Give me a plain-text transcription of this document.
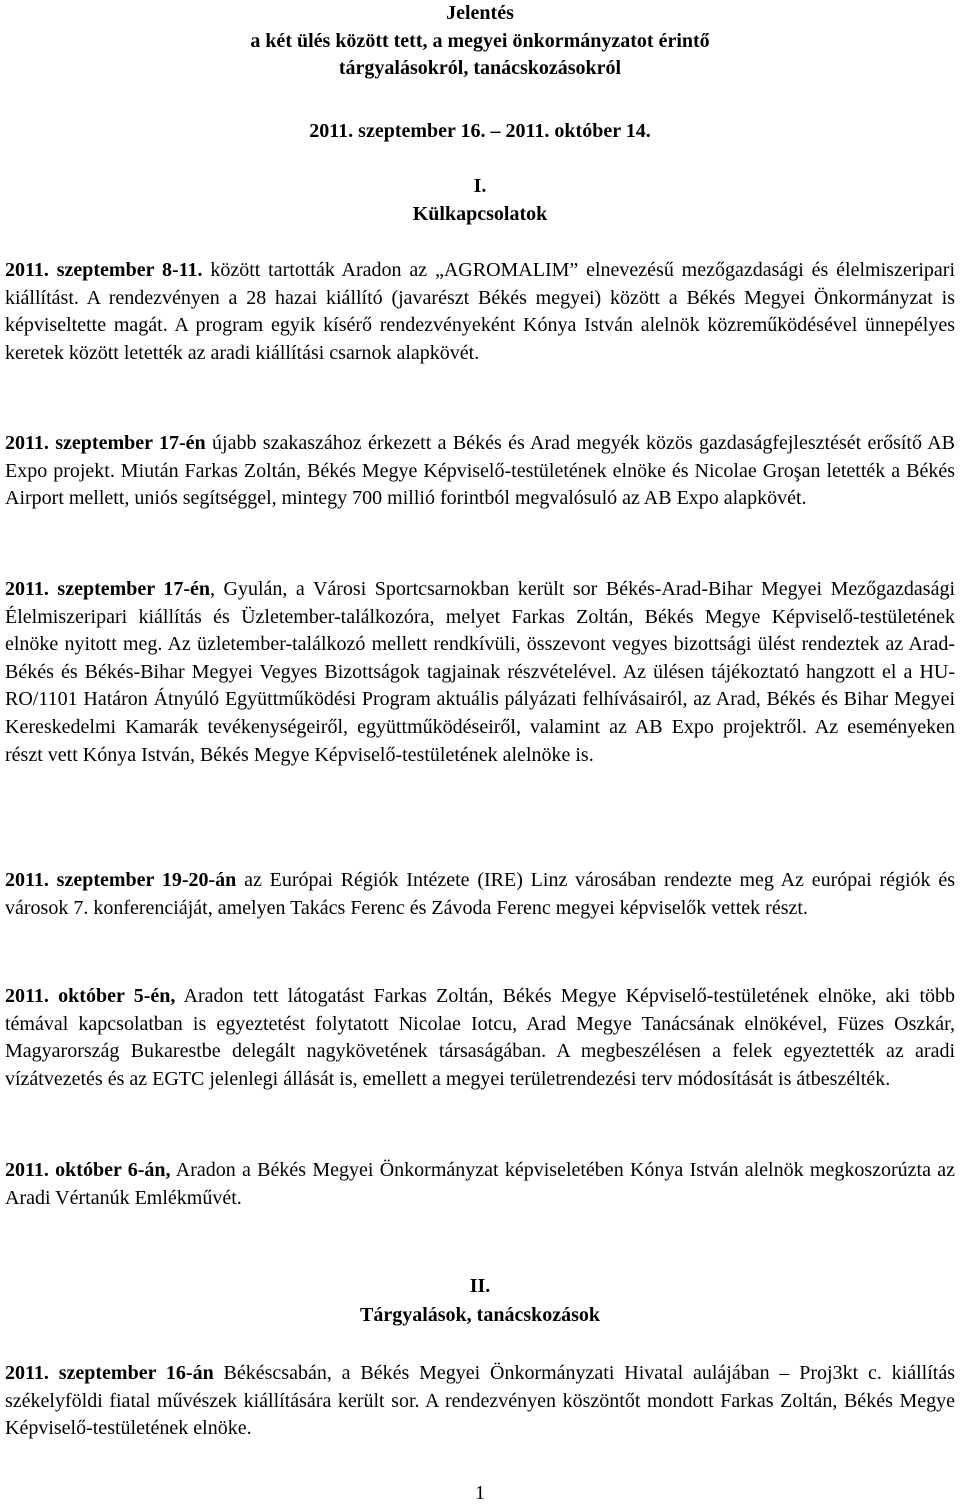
Jelentés
a két ülés között tett, a megyei önkormányzatot érintő
tárgyalásokról, tanácskozásokról
2011. szeptember 16. – 2011. október 14.
I.
Külkapcsolatok
2011. szeptember 8-11. között tartották Aradon az „AGROMALIM” elnevezésű mezőgazdasági és élelmiszeripari kiállítást. A rendezvényen a 28 hazai kiállító (javarészt Békés megyei) között a Békés Megyei Önkormányzat is képviseltette magát. A program egyik kísérő rendezvényeként Kónya István alelnök közreműködésével ünnepélyes keretek között letették az aradi kiállítási csarnok alapkövét.
2011. szeptember 17-én újabb szakaszához érkezett a Békés és Arad megyék közös gazdaságfejlesztését erősítő AB Expo projekt. Miután Farkas Zoltán, Békés Megye Képviselő-testületének elnöke és Nicolae Groşan letették a Békés Airport mellett, uniós segítséggel, mintegy 700 millió forintból megvalósuló az AB Expo alapkövét.
2011. szeptember 17-én, Gyulán, a Városi Sportcsarnokban került sor Békés-Arad-Bihar Megyei Mezőgazdasági Élelmiszeripari kiállítás és Üzletember-találkozóra, melyet Farkas Zoltán, Békés Megye Képviselő-testületének elnöke nyitott meg. Az üzletember-találkozó mellett rendkívüli, összevont vegyes bizottsági ülést rendeztek az Arad-Békés és Békés-Bihar Megyei Vegyes Bizottságok tagjainak részvételével. Az ülésen tájékoztató hangzott el a HU-RO/1101 Határon Átnyúló Együttműködési Program aktuális pályázati felhívásairól, az Arad, Békés és Bihar Megyei Kereskedelmi Kamarák tevékenységeiről, együttműködéseiről, valamint az AB Expo projektről. Az eseményeken részt vett Kónya István, Békés Megye Képviselő-testületének alelnöke is.
2011. szeptember 19-20-án az Európai Régiók Intézete (IRE) Linz városában rendezte meg Az európai régiók és városok 7. konferenciáját, amelyen Takács Ferenc és Závoda Ferenc megyei képviselők vettek részt.
2011. október 5-én, Aradon tett látogatást Farkas Zoltán, Békés Megye Képviselő-testületének elnöke, aki több témával kapcsolatban is egyeztetést folytatott Nicolae Iotcu, Arad Megye Tanácsának elnökével, Füzes Oszkár, Magyarország Bukarestbe delegált nagykövetének társaságában. A megbeszélésen a felek egyeztették az aradi vízátvezetés és az EGTC jelenlegi állását is, emellett a megyei területrendezési terv módosítását is átbeszélték.
2011. október 6-án, Aradon a Békés Megyei Önkormányzat képviseletében Kónya István alelnök megkoszorúzta az Aradi Vértanúk Emlékművét.
II.
Tárgyalások, tanácskozások
2011. szeptember 16-án Békéscsabán, a Békés Megyei Önkormányzati Hivatal aulájában – Proj3kt c. kiállítás székelyföldi fiatal művészek kiállítására került sor. A rendezvényen köszöntőt mondott Farkas Zoltán, Békés Megye Képviselő-testületének elnöke.
1
